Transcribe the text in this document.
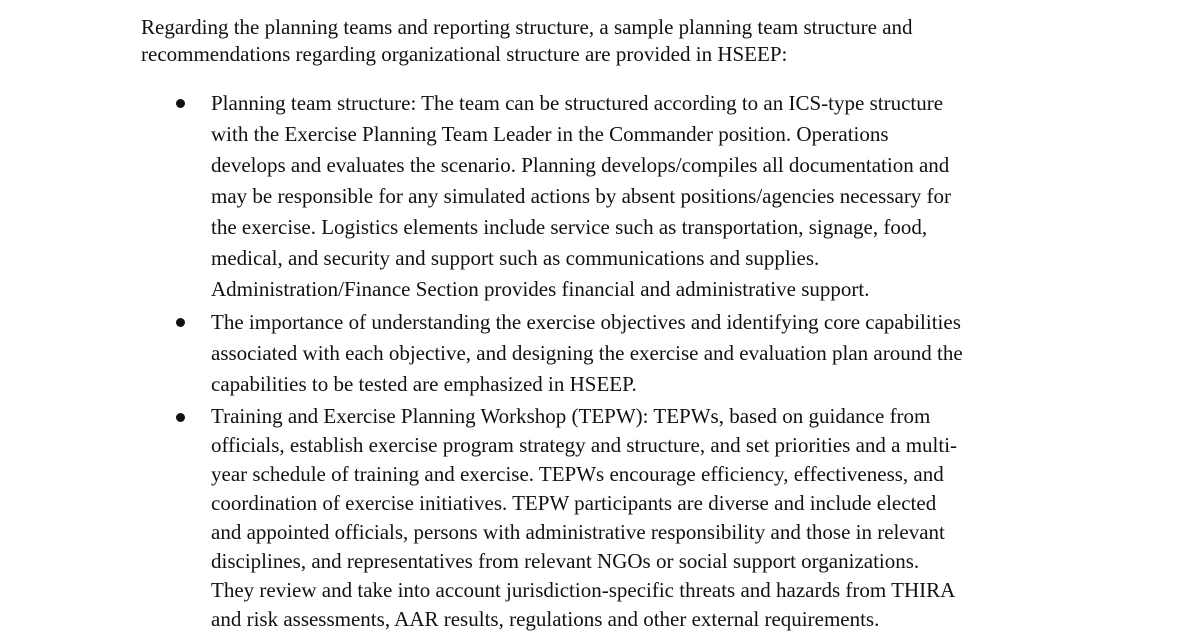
Regarding the planning teams and reporting structure, a sample planning team structure and
recommendations regarding organizational structure are provided in HSEEP:

Planning team structure: The team can be structured according to an ICS-type structure
with the Exercise Planning Team Leader in the Commander position. Operations
develops and evaluates the scenario. Planning develops/compiles all documentation and
may be responsible for any simulated actions by absent positions/agencies necessary for
the exercise. Logistics elements include service such as transportation, signage, food,
medical, and security and support such as communications and supplies.
Administration/Finance Section provides financial and administrative support.
The importance of understanding the exercise objectives and identifying core capabilities
associated with each objective, and designing the exercise and evaluation plan around the
capabilities to be tested are emphasized in HSEEP.
Training and Exercise Planning Workshop (TEPW): TEPWs, based on guidance from
officials, establish exercise program strategy and structure, and set priorities and a multi-
year schedule of training and exercise. TEPWs encourage efficiency, effectiveness, and
coordination of exercise initiatives. TEPW participants are diverse and include elected
and appointed officials, persons with administrative responsibility and those in relevant
disciplines, and representatives from relevant NGOs or social support organizations.
They review and take into account jurisdiction-specific threats and hazards from THIRA
and risk assessments, AAR results, regulations and other external requirements.
